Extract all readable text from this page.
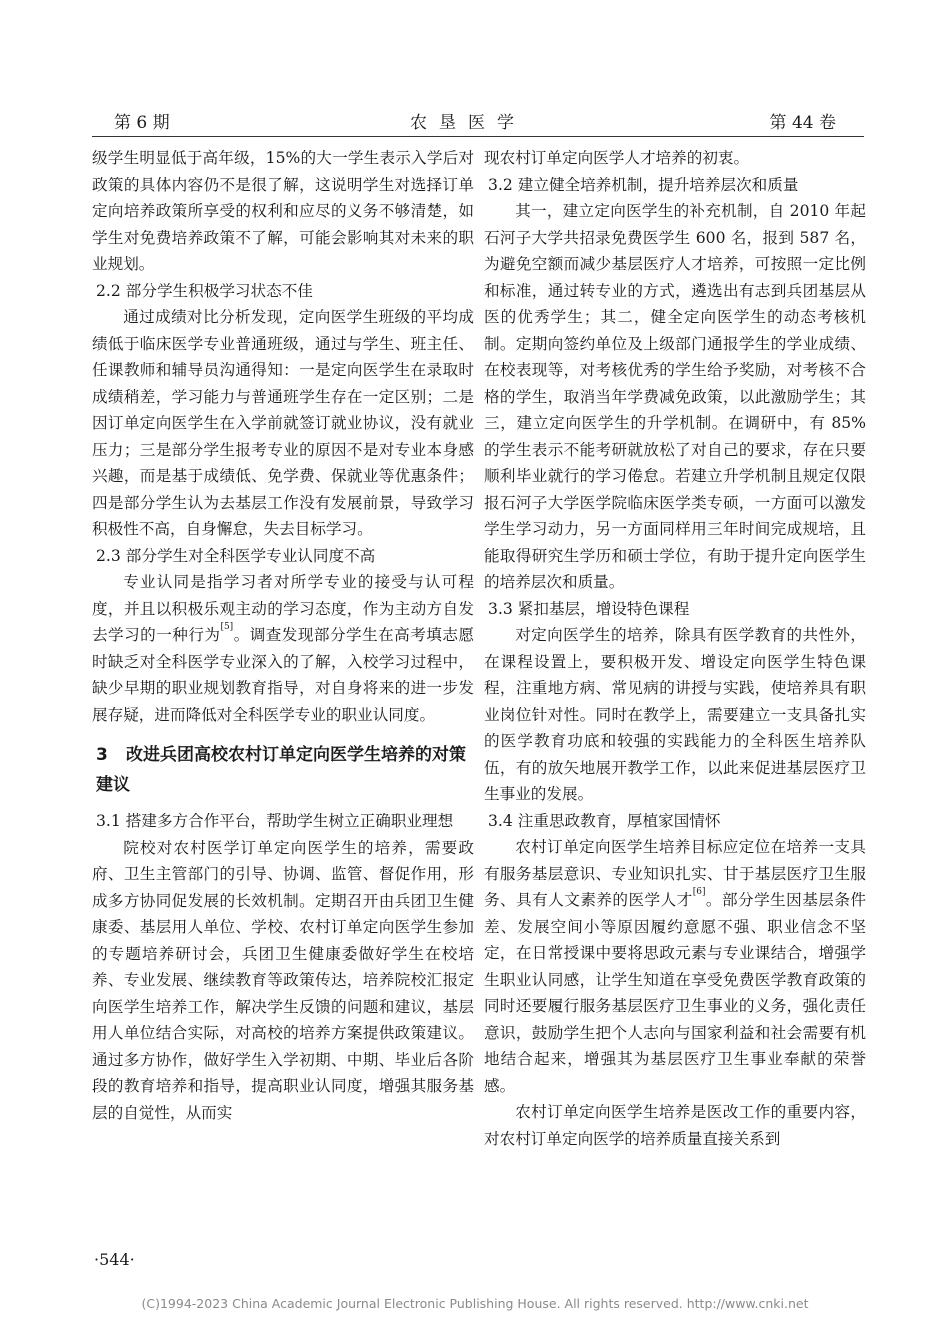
第 6 期	农垦医学	第 44 卷

级学生明显低于高年级，15%的大一学生表示入学后对政策的具体内容仍不是很了解，这说明学生对选择订单定向培养政策所享受的权利和应尽的义务不够清楚，如学生对免费培养政策不了解，可能会影响其对未来的职业规划。

2.2 部分学生积极学习状态不佳

通过成绩对比分析发现，定向医学生班级的平均成绩低于临床医学专业普通班级，通过与学生、班主任、任课教师和辅导员沟通得知：一是定向医学生在录取时成绩稍差，学习能力与普通班学生存在一定区别；二是因订单定向医学生在入学前就签订就业协议，没有就业压力；三是部分学生报考专业的原因不是对专业本身感兴趣，而是基于成绩低、免学费、保就业等优惠条件；四是部分学生认为去基层工作没有发展前景，导致学习积极性不高，自身懈怠，失去目标学习。

2.3 部分学生对全科医学专业认同度不高

专业认同是指学习者对所学专业的接受与认可程度，并且以积极乐观主动的学习态度，作为主动方自发去学习的一种行为[5]。调查发现部分学生在高考填志愿时缺乏对全科医学专业深入的了解，入校学习过程中，缺少早期的职业规划教育指导，对自身将来的进一步发展存疑，进而降低对全科医学专业的职业认同度。

3 改进兵团高校农村订单定向医学生培养的对策建议

3.1 搭建多方合作平台，帮助学生树立正确职业理想

院校对农村医学订单定向医学生的培养，需要政府、卫生主管部门的引导、协调、监管、督促作用，形成多方协同促发展的长效机制。定期召开由兵团卫生健康委、基层用人单位、学校、农村订单定向医学生参加的专题培养研讨会，兵团卫生健康委做好学生在校培养、专业发展、继续教育等政策传达，培养院校汇报定向医学生培养工作，解决学生反馈的问题和建议，基层用人单位结合实际，对高校的培养方案提供政策建议。通过多方协作，做好学生入学初期、中期、毕业后各阶段的教育培养和指导，提高职业认同度，增强其服务基层的自觉性，从而实

现农村订单定向医学人才培养的初衷。

3.2 建立健全培养机制，提升培养层次和质量

其一，建立定向医学生的补充机制，自 2010 年起石河子大学共招录免费医学生 600 名，报到 587 名，为避免空额而减少基层医疗人才培养，可按照一定比例和标准，通过转专业的方式，遴选出有志到兵团基层从医的优秀学生；其二，健全定向医学生的动态考核机制。定期向签约单位及上级部门通报学生的学业成绩、在校表现等，对考核优秀的学生给予奖励，对考核不合格的学生，取消当年学费减免政策，以此激励学生；其三，建立定向医学生的升学机制。在调研中，有 85%的学生表示不能考研就放松了对自己的要求，存在只要顺利毕业就行的学习倦怠。若建立升学机制且规定仅限报石河子大学医学院临床医学类专硕，一方面可以激发学生学习动力，另一方面同样用三年时间完成规培，且能取得研究生学历和硕士学位，有助于提升定向医学生的培养层次和质量。

3.3 紧扣基层，增设特色课程

对定向医学生的培养，除具有医学教育的共性外，在课程设置上，要积极开发、增设定向医学生特色课程，注重地方病、常见病的讲授与实践，使培养具有职业岗位针对性。同时在教学上，需要建立一支具备扎实的医学教育功底和较强的实践能力的全科医生培养队伍，有的放矢地展开教学工作，以此来促进基层医疗卫生事业的发展。

3.4 注重思政教育，厚植家国情怀

农村订单定向医学生培养目标应定位在培养一支具有服务基层意识、专业知识扎实、甘于基层医疗卫生服务、具有人文素养的医学人才[6]。部分学生因基层条件差、发展空间小等原因履约意愿不强、职业信念不坚定，在日常授课中要将思政元素与专业课结合，增强学生职业认同感，让学生知道在享受免费医学教育政策的同时还要履行服务基层医疗卫生事业的义务，强化责任意识，鼓励学生把个人志向与国家利益和社会需要有机地结合起来，增强其为基层医疗卫生事业奉献的荣誉感。

农村订单定向医学生培养是医改工作的重要内容，对农村订单定向医学的培养质量直接关系到

·544·
(C)1994-2023 China Academic Journal Electronic Publishing House. All rights reserved. http://www.cnki.net
